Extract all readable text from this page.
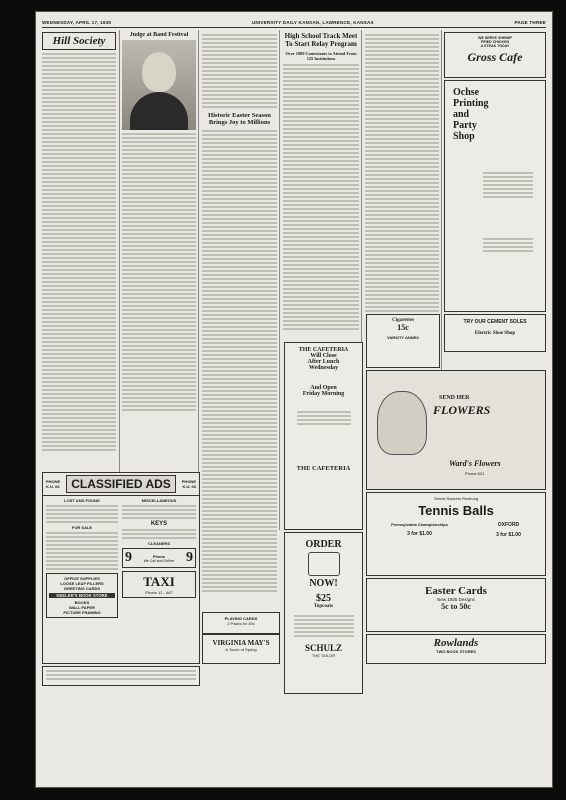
WEDNESDAY, APRIL 17, 1935	UNIVERSITY DAILY KANSAN, LAWRENCE, KANSAS	PAGE THREE
Hill Society	Judge at Band Festival
Historic Easter Season Brings Joy to Millions
High School Track Meet To Start Relay Program
Over 1000 Contestants to Attend From 125 Institutions
WE SERVE SHRIMP
FRIED CHICKEN
A STEAK TODAY
Gross Cafe
Ochse
Printing
and
Party
Shop
Cigarettes
15c
VARSITY ANNEX
TRY OUR CEMENT SOLES
Electric Shoe Shop
THE CAFETERIA
Will Close
After Lunch
Wednesday
And Open
Friday Morning
THE CAFETERIA
SEND HER
FLOWERS
Ward's Flowers
Phone 621
Tennis Rackets Restrung
Tennis Balls
Pennsylvania Championships
3 for $1.00
OXFORD
3 for $1.00
ORDER
NOW!
$25
Topcoats
SCHULZ
THE TAILOR
Easter Cards
New 1935 Designs
5c to 50c
Rowlands
TWO BOOK STORES
PLAYING CARDS
2 Packs for 49c
VIRGINIA MAY'S
A Touch of Spring
PHONE K.U. 66 CLASSIFIED ADS	PHONE K.U. 66
LOST AND FOUND
FOR SALE
OFFICE SUPPLIES
LOOSE LEAF FILLERS
GREETING CARDS
KEELER'S BOOK STORE
BOOKS
WALL PAPER
PICTURE FRAMING
MISCELLANEOUS
KEYS
CLEANERS
9	Phone
We Call and Deliver 9
TAXI
Phone 12 - 667
